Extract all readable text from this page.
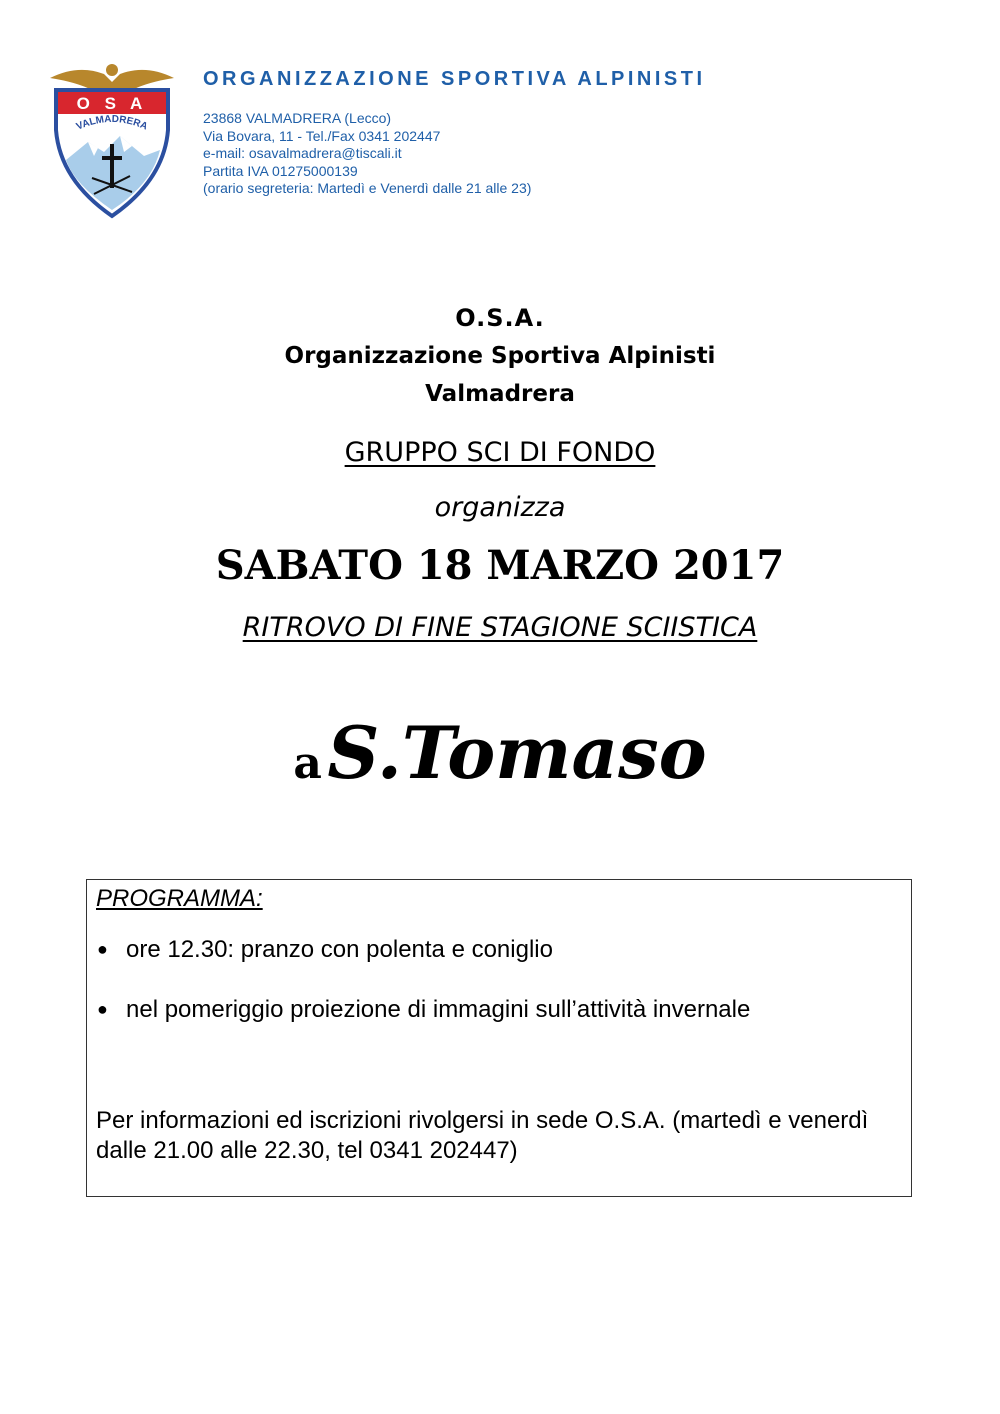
O S A
VALMADRERA
ORGANIZZAZIONE SPORTIVA ALPINISTI
23868 VALMADRERA (Lecco)
Via Bovara, 11 - Tel./Fax 0341 202447
e-mail: osavalmadrera@tiscali.it
Partita IVA 01275000139
(orario segreteria: Martedì e Venerdì dalle 21 alle 23)
O.S.A.
Organizzazione Sportiva Alpinisti
Valmadrera
GRUPPO SCI DI FONDO
organizza
SABATO 18 MARZO 2017
RITROVO DI FINE STAGIONE SCIISTICA
a S.Tomaso
PROGRAMMA:
● ore 12.30: pranzo con polenta e coniglio
● nel pomeriggio proiezione di immagini sull’attività invernale
Per informazioni ed iscrizioni rivolgersi in sede O.S.A. (martedì e venerdì dalle 21.00 alle 22.30, tel 0341 202447)
